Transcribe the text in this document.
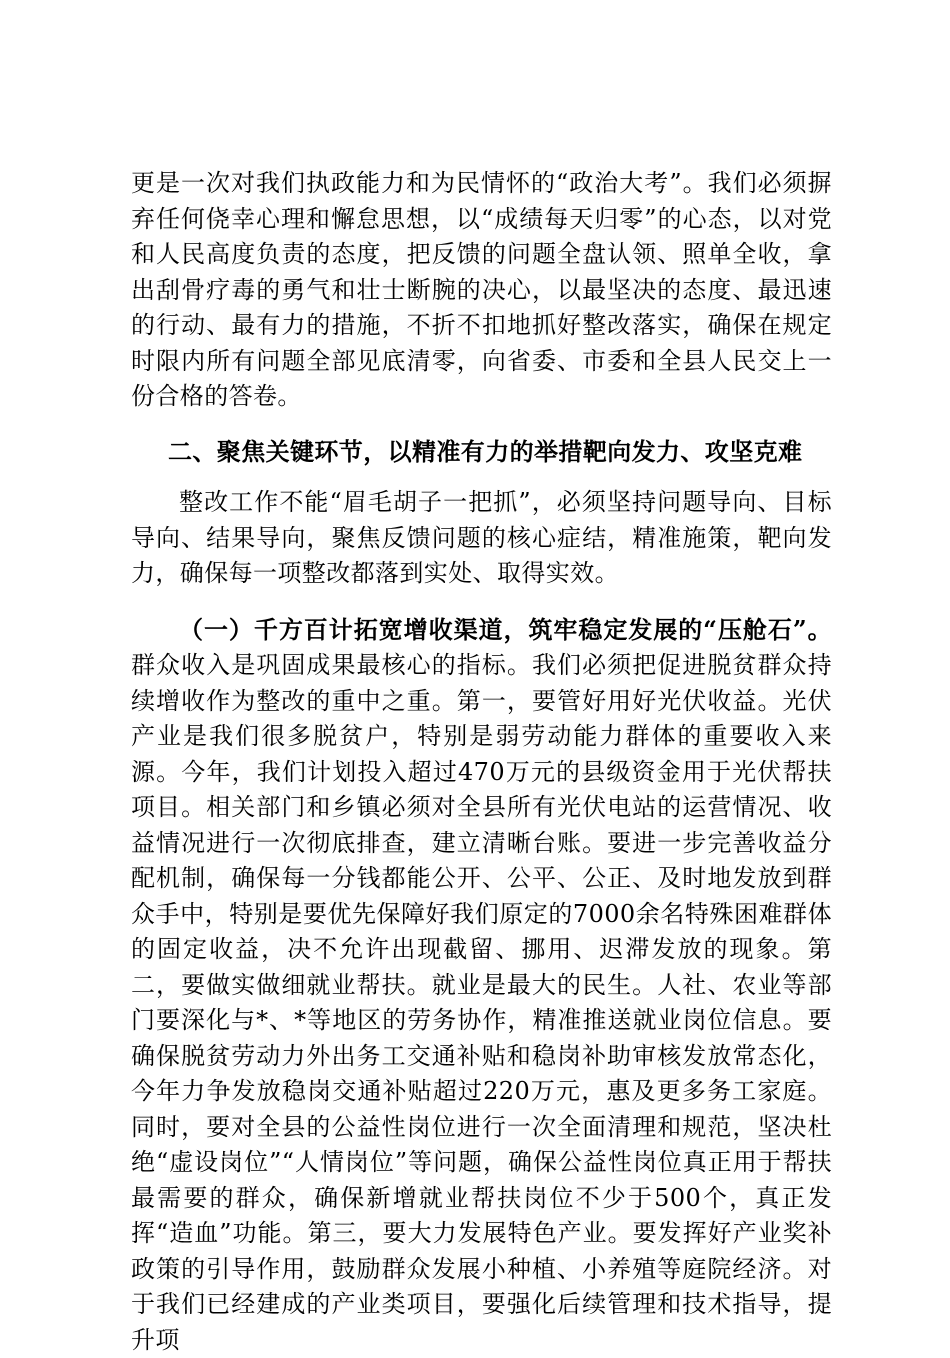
更是一次对我们执政能力和为民情怀的“政治大考”。我们必须摒弃任何侥幸心理和懈怠思想，以“成绩每天归零”的心态，以对党和人民高度负责的态度，把反馈的问题全盘认领、照单全收，拿出刮骨疗毒的勇气和壮士断腕的决心，以最坚决的态度、最迅速的行动、最有力的措施，不折不扣地抓好整改落实，确保在规定时限内所有问题全部见底清零，向省委、市委和全县人民交上一份合格的答卷。

二、聚焦关键环节，以精准有力的举措靶向发力、攻坚克难

整改工作不能“眉毛胡子一把抓”，必须坚持问题导向、目标导向、结果导向，聚焦反馈问题的核心症结，精准施策，靶向发力，确保每一项整改都落到实处、取得实效。

（一）千方百计拓宽增收渠道，筑牢稳定发展的“压舱石”。群众收入是巩固成果最核心的指标。我们必须把促进脱贫群众持续增收作为整改的重中之重。第一，要管好用好光伏收益。光伏产业是我们很多脱贫户，特别是弱劳动能力群体的重要收入来源。今年，我们计划投入超过470万元的县级资金用于光伏帮扶项目。相关部门和乡镇必须对全县所有光伏电站的运营情况、收益情况进行一次彻底排查，建立清晰台账。要进一步完善收益分配机制，确保每一分钱都能公开、公平、公正、及时地发放到群众手中，特别是要优先保障好我们原定的7000余名特殊困难群体的固定收益，决不允许出现截留、挪用、迟滞发放的现象。第二，要做实做细就业帮扶。就业是最大的民生。人社、农业等部门要深化与*、*等地区的劳务协作，精准推送就业岗位信息。要确保脱贫劳动力外出务工交通补贴和稳岗补助审核发放常态化，今年力争发放稳岗交通补贴超过220万元，惠及更多务工家庭。同时，要对全县的公益性岗位进行一次全面清理和规范，坚决杜绝“虚设岗位”“人情岗位”等问题，确保公益性岗位真正用于帮扶最需要的群众，确保新增就业帮扶岗位不少于500个，真正发挥“造血”功能。第三，要大力发展特色产业。要发挥好产业奖补政策的引导作用，鼓励群众发展小种植、小养殖等庭院经济。对于我们已经建成的产业类项目，要强化后续管理和技术指导，提升项
